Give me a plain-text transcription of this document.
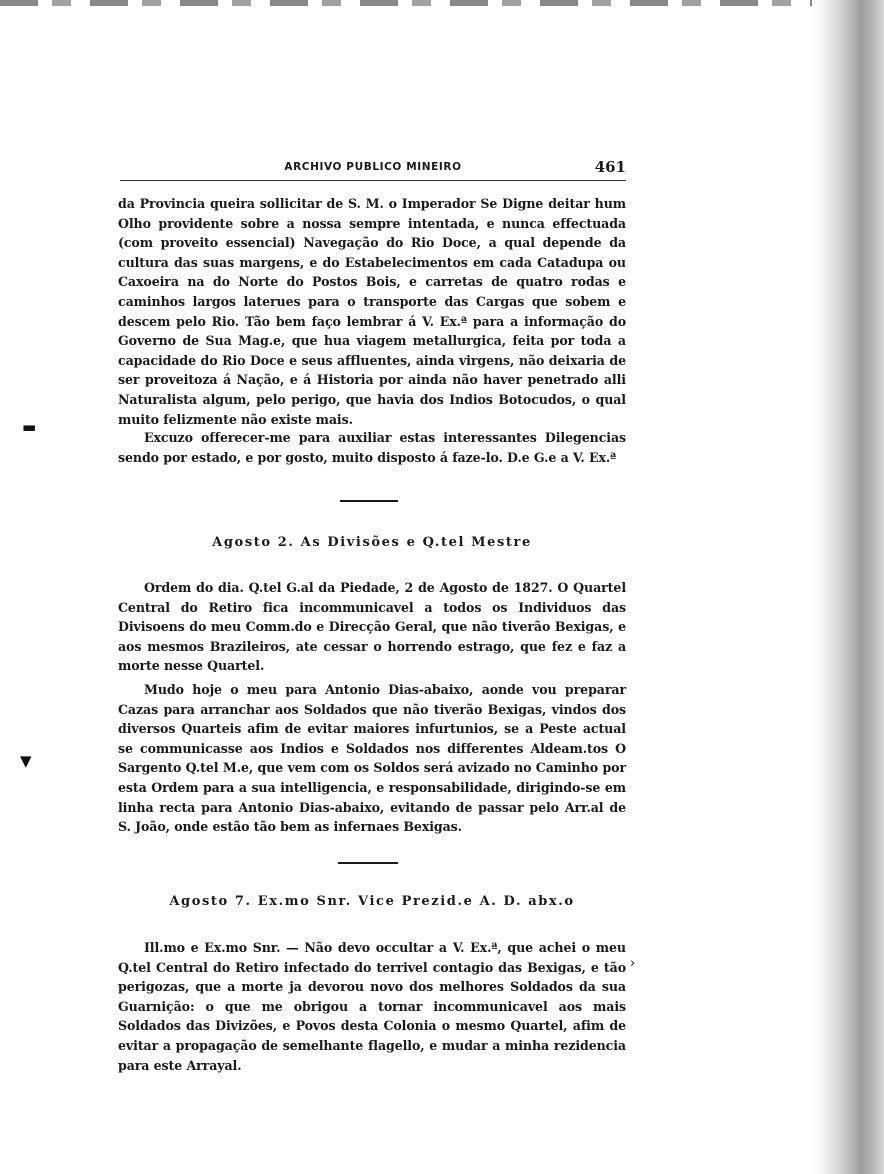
▬
▼
›
ARCHIVO PUBLICO MINEIRO	461

da Provincia queira sollicitar de S. M. o Imperador Se Digne deitar hum Olho providente sobre a nossa sempre intentada, e nunca effectuada (com proveito essencial) Navegação do Rio Doce, a qual depende da cultura das suas margens, e do Estabelecimentos em cada Catadupa ou Caxoeira na do Norte do Postos Bois, e carretas de quatro rodas e caminhos largos laterues para o transporte das Cargas que sobem e descem pelo Rio. Tão bem faço lembrar á V. Ex.ª para a informação do Governo de Sua Mag.e, que hua viagem metallurgica, feita por toda a capacidade do Rio Doce e seus affluentes, ainda virgens, não deixaria de ser proveitoza á Nação, e á Historia por ainda não haver penetrado alli Naturalista algum, pelo perigo, que havia dos Indios Botocudos, o qual muito felizmente não existe mais.

Excuzo offerecer-me para auxiliar estas interessantes Dilegencias sendo por estado, e por gosto, muito disposto á faze-lo. D.e G.e a V. Ex.ª

Agosto 2. As Divisões e Q.tel Mestre

Ordem do dia. Q.tel G.al da Piedade, 2 de Agosto de 1827. O Quartel Central do Retiro fica incommunicavel a todos os Individuos das Divisoens do meu Comm.do e Direcção Geral, que não tiverão Bexigas, e aos mesmos Brazileiros, ate cessar o horrendo estrago, que fez e faz a morte nesse Quartel.

Mudo hoje o meu para Antonio Dias-abaixo, aonde vou preparar Cazas para arranchar aos Soldados que não tiverão Bexigas, vindos dos diversos Quarteis afim de evitar maiores infurtunios, se a Peste actual se communicasse aos Indios e Soldados nos differentes Aldeam.tos O Sargento Q.tel M.e, que vem com os Soldos será avizado no Caminho por esta Ordem para a sua intelligencia, e responsabilidade, dirigindo-se em linha recta para Antonio Dias-abaixo, evitando de passar pelo Arr.al de S. João, onde estão tão bem as infernaes Bexigas.

Agosto 7. Ex.mo Snr. Vice Prezid.e A. D. abx.o

Ill.mo e Ex.mo Snr. — Não devo occultar a V. Ex.ª, que achei o meu Q.tel Central do Retiro infectado do terrivel contagio das Bexigas, e tão perigozas, que a morte ja devorou novo dos melhores Soldados da sua Guarnição: o que me obrigou a tornar incommunicavel aos mais Soldados das Divizões, e Povos desta Colonia o mesmo Quartel, afim de evitar a propagação de semelhante flagello, e mudar a minha rezidencia para este Arrayal.
